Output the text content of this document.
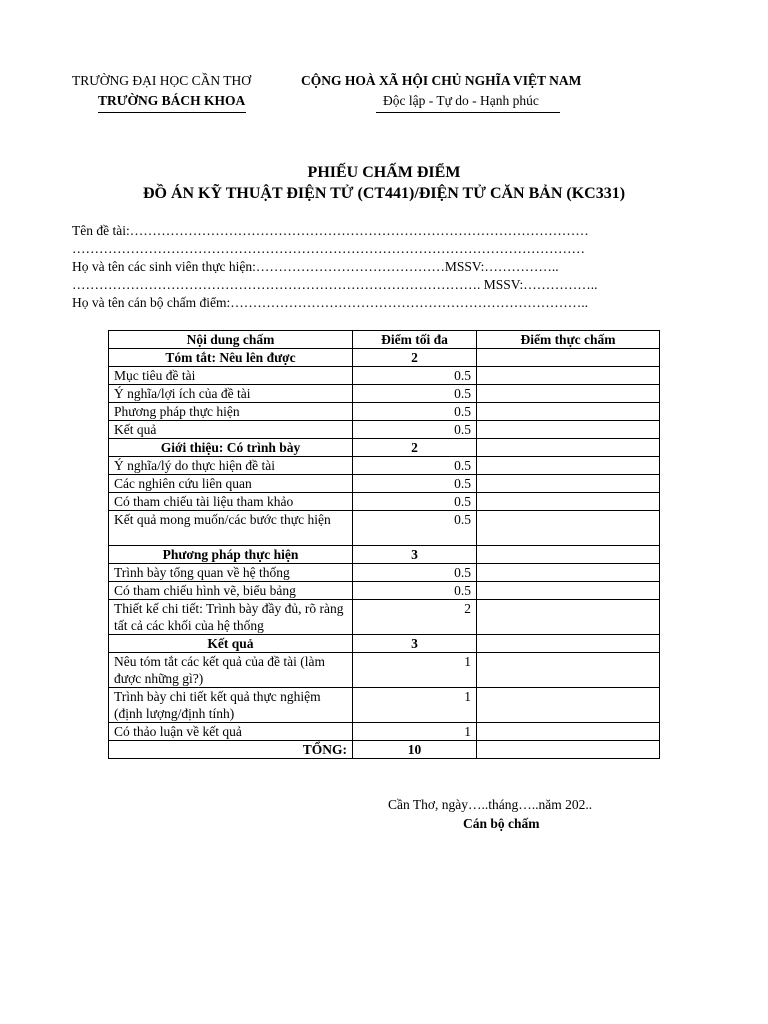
TRƯỜNG ĐẠI HỌC CẦN THƠ
TRƯỜNG BÁCH KHOA
CỘNG HOÀ XÃ HỘI CHỦ NGHĨA VIỆT NAM
Độc lập - Tự do - Hạnh phúc
PHIẾU CHẤM ĐIỂM
ĐỒ ÁN KỸ THUẬT ĐIỆN TỬ (CT441)/ĐIỆN TỬ CĂN BẢN (KC331)
Tên đề tài:…………………………………………………………………………………………
……………………………………………………………………………………………………
Họ và tên các sinh viên thực hiện:……………………………………MSSV:……………..
………………………………………………………………………………. MSSV:……………..
Họ và tên cán bộ chấm điểm:……………………………………………………………………..
Nội dung chấm	Điểm tối đa	Điểm thực chấm
Tóm tắt: Nêu lên được	2	
Mục tiêu đề tài	0.5	
Ý nghĩa/lợi ích của đề tài	0.5	
Phương pháp thực hiện	0.5	
Kết quả	0.5	
Giới thiệu: Có trình bày	2	
Ý nghĩa/lý do thực hiện đề tài	0.5	
Các nghiên cứu liên quan	0.5	
Có tham chiếu tài liệu tham khảo	0.5	
Kết quả mong muốn/các bước thực hiện	0.5	
Phương pháp thực hiện	3	
Trình bày tổng quan về hệ thống	0.5	
Có tham chiếu hình vẽ, biểu bảng	0.5	
Thiết kế chi tiết: Trình bày đầy đủ, rõ ràng tất cả các khối của hệ thống	2	
Kết quả	3	
Nêu tóm tắt các kết quả của đề tài (làm được những gì?)	1	
Trình bày chi tiết kết quả thực nghiệm (định lượng/định tính)	1	
Có thảo luận về kết quả	1	
TỔNG:	10	
Cần Thơ, ngày…..tháng…..năm 202..
Cán bộ chấm
